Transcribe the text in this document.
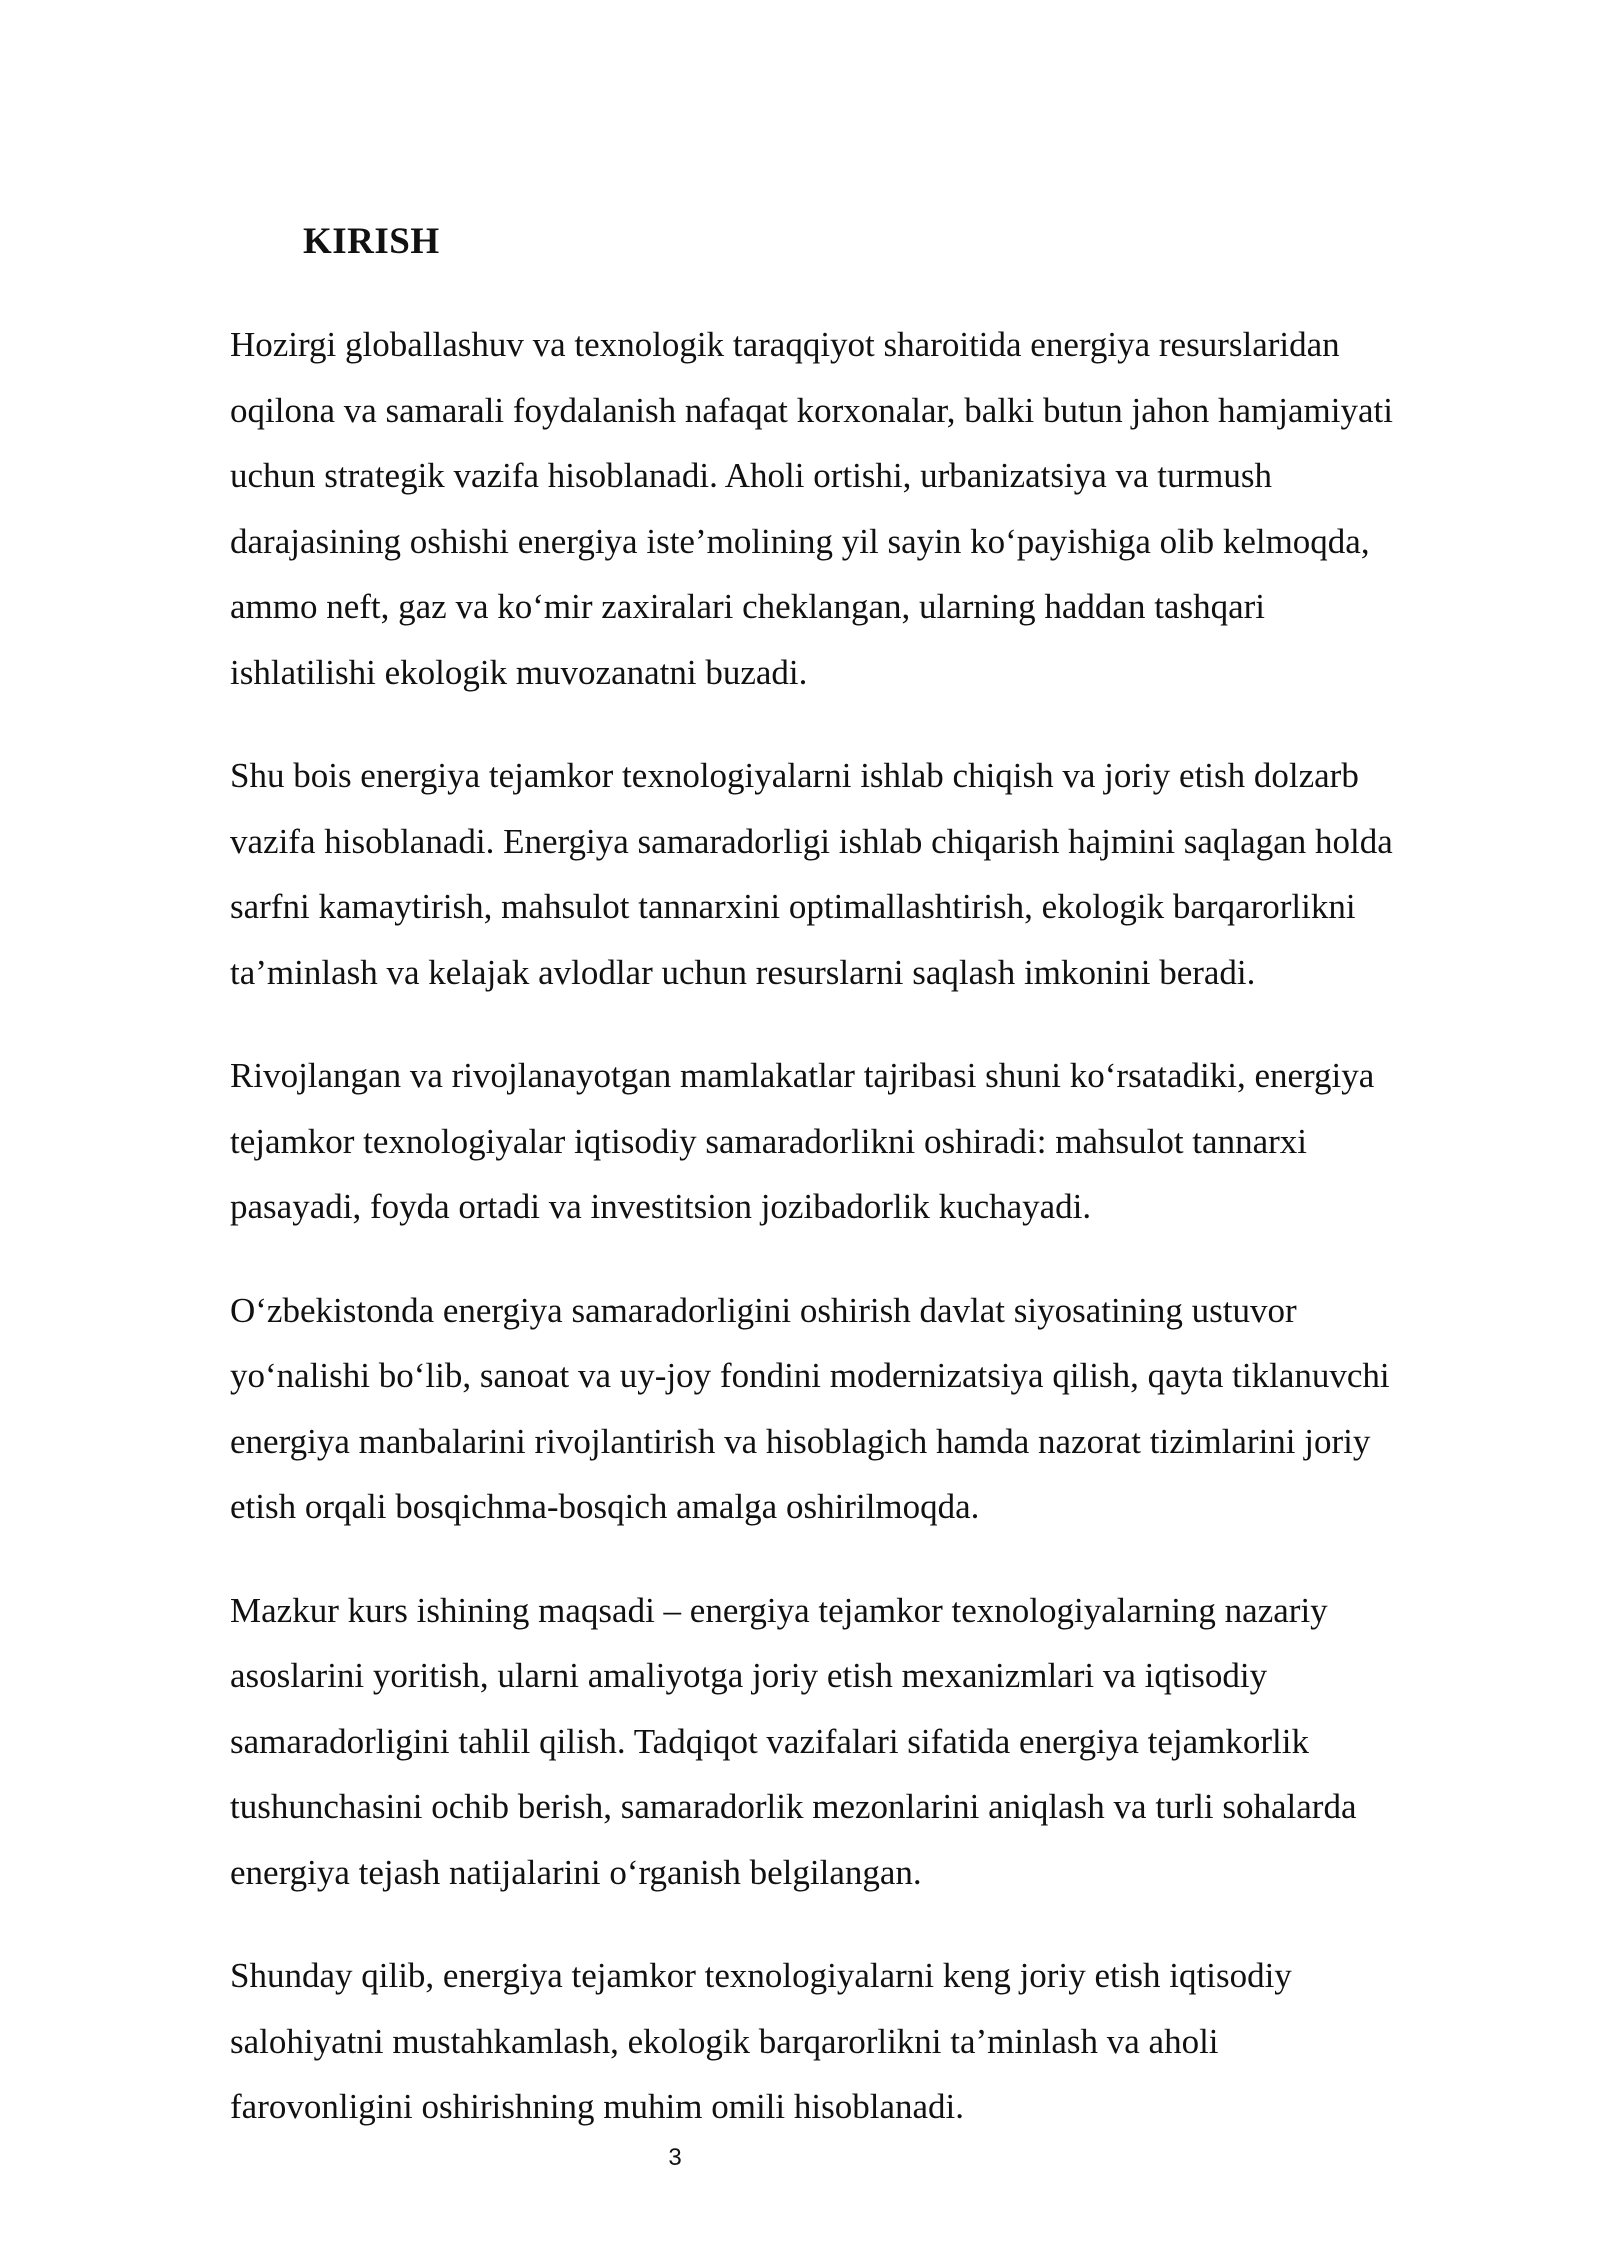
KIRISH

Hozirgi globallashuv va texnologik taraqqiyot sharoitida energiya resurslaridan
oqilona va samarali foydalanish nafaqat korxonalar, balki butun jahon hamjamiyati
uchun strategik vazifa hisoblanadi. Aholi ortishi, urbanizatsiya va turmush
darajasining oshishi energiya iste’molining yil sayin ko‘payishiga olib kelmoqda,
ammo neft, gaz va ko‘mir zaxiralari cheklangan, ularning haddan tashqari
ishlatilishi ekologik muvozanatni buzadi.

Shu bois energiya tejamkor texnologiyalarni ishlab chiqish va joriy etish dolzarb
vazifa hisoblanadi. Energiya samaradorligi ishlab chiqarish hajmini saqlagan holda
sarfni kamaytirish, mahsulot tannarxini optimallashtirish, ekologik barqarorlikni
ta’minlash va kelajak avlodlar uchun resurslarni saqlash imkonini beradi.

Rivojlangan va rivojlanayotgan mamlakatlar tajribasi shuni ko‘rsatadiki, energiya
tejamkor texnologiyalar iqtisodiy samaradorlikni oshiradi: mahsulot tannarxi
pasayadi, foyda ortadi va investitsion jozibadorlik kuchayadi.

O‘zbekistonda energiya samaradorligini oshirish davlat siyosatining ustuvor
yo‘nalishi bo‘lib, sanoat va uy-joy fondini modernizatsiya qilish, qayta tiklanuvchi
energiya manbalarini rivojlantirish va hisoblagich hamda nazorat tizimlarini joriy
etish orqali bosqichma-bosqich amalga oshirilmoqda.

Mazkur kurs ishining maqsadi – energiya tejamkor texnologiyalarning nazariy
asoslarini yoritish, ularni amaliyotga joriy etish mexanizmlari va iqtisodiy
samaradorligini tahlil qilish. Tadqiqot vazifalari sifatida energiya tejamkorlik
tushunchasini ochib berish, samaradorlik mezonlarini aniqlash va turli sohalarda
energiya tejash natijalarini o‘rganish belgilangan.

Shunday qilib, energiya tejamkor texnologiyalarni keng joriy etish iqtisodiy
salohiyatni mustahkamlash, ekologik barqarorlikni ta’minlash va aholi
farovonligini oshirishning muhim omili hisoblanadi.

3
